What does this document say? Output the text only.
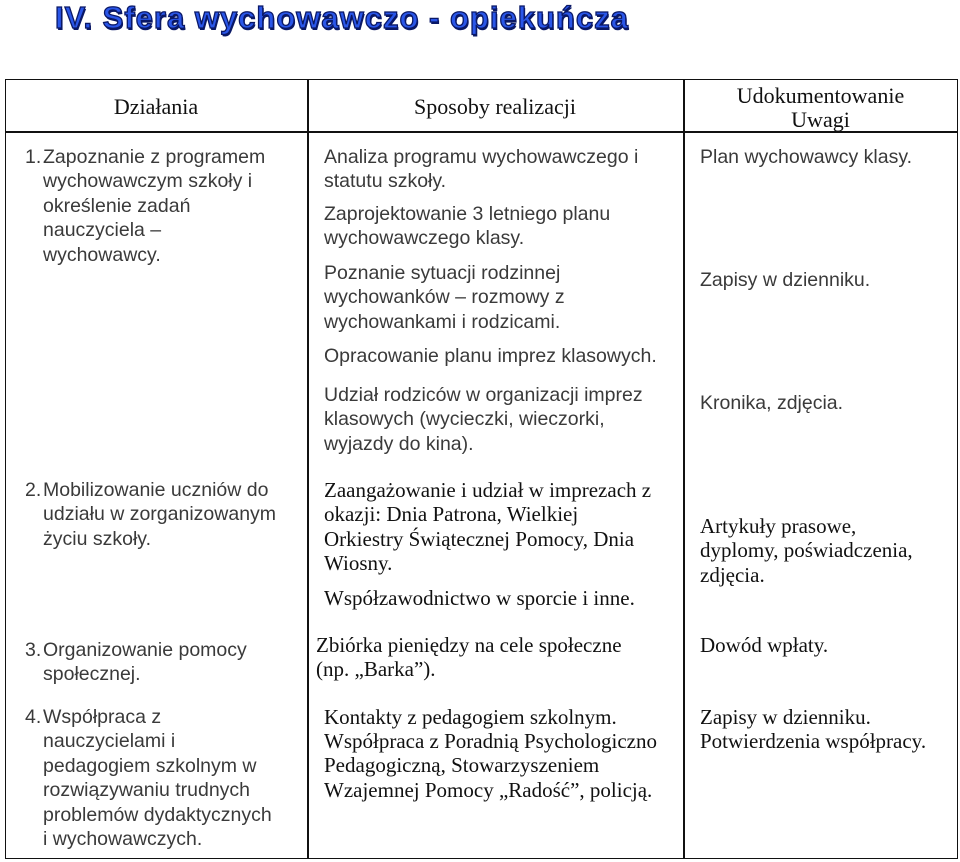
IV. Sfera wychowawczo - opiekuńcza
Działania	Sposoby realizacji	Udokumentowanie
Uwagi
1. Zapoznanie z programem
wychowawczym szkoły i
określenie zadań
nauczyciela –
wychowawcy.
Analiza programu wychowawczego i
statutu szkoły.
Zaprojektowanie 3 letniego planu
wychowawczego klasy.
Poznanie sytuacji rodzinnej
wychowanków – rozmowy z
wychowankami i rodzicami.
Opracowanie planu imprez klasowych.
Udział rodziców w organizacji imprez
klasowych (wycieczki, wieczorki,
wyjazdy do kina).
Plan wychowawcy klasy.
Zapisy w dzienniku.
Kronika, zdjęcia.
2. Mobilizowanie uczniów do
udziału w zorganizowanym
życiu szkoły.
Zaangażowanie i udział w imprezach z
okazji: Dnia Patrona, Wielkiej
Orkiestry Świątecznej Pomocy, Dnia
Wiosny.
Współzawodnictwo w sporcie i inne.
Artykuły prasowe,
dyplomy, poświadczenia,
zdjęcia.
3. Organizowanie pomocy
społecznej.
Zbiórka pieniędzy na cele społeczne
(np. „Barka”).
Dowód wpłaty.
4. Współpraca z
nauczycielami i
pedagogiem szkolnym w
rozwiązywaniu trudnych
problemów dydaktycznych
i wychowawczych.
Kontakty z pedagogiem szkolnym.
Współpraca z Poradnią Psychologiczno
Pedagogiczną, Stowarzyszeniem
Wzajemnej Pomocy „Radość”, policją.
Zapisy w dzienniku.
Potwierdzenia współpracy.
